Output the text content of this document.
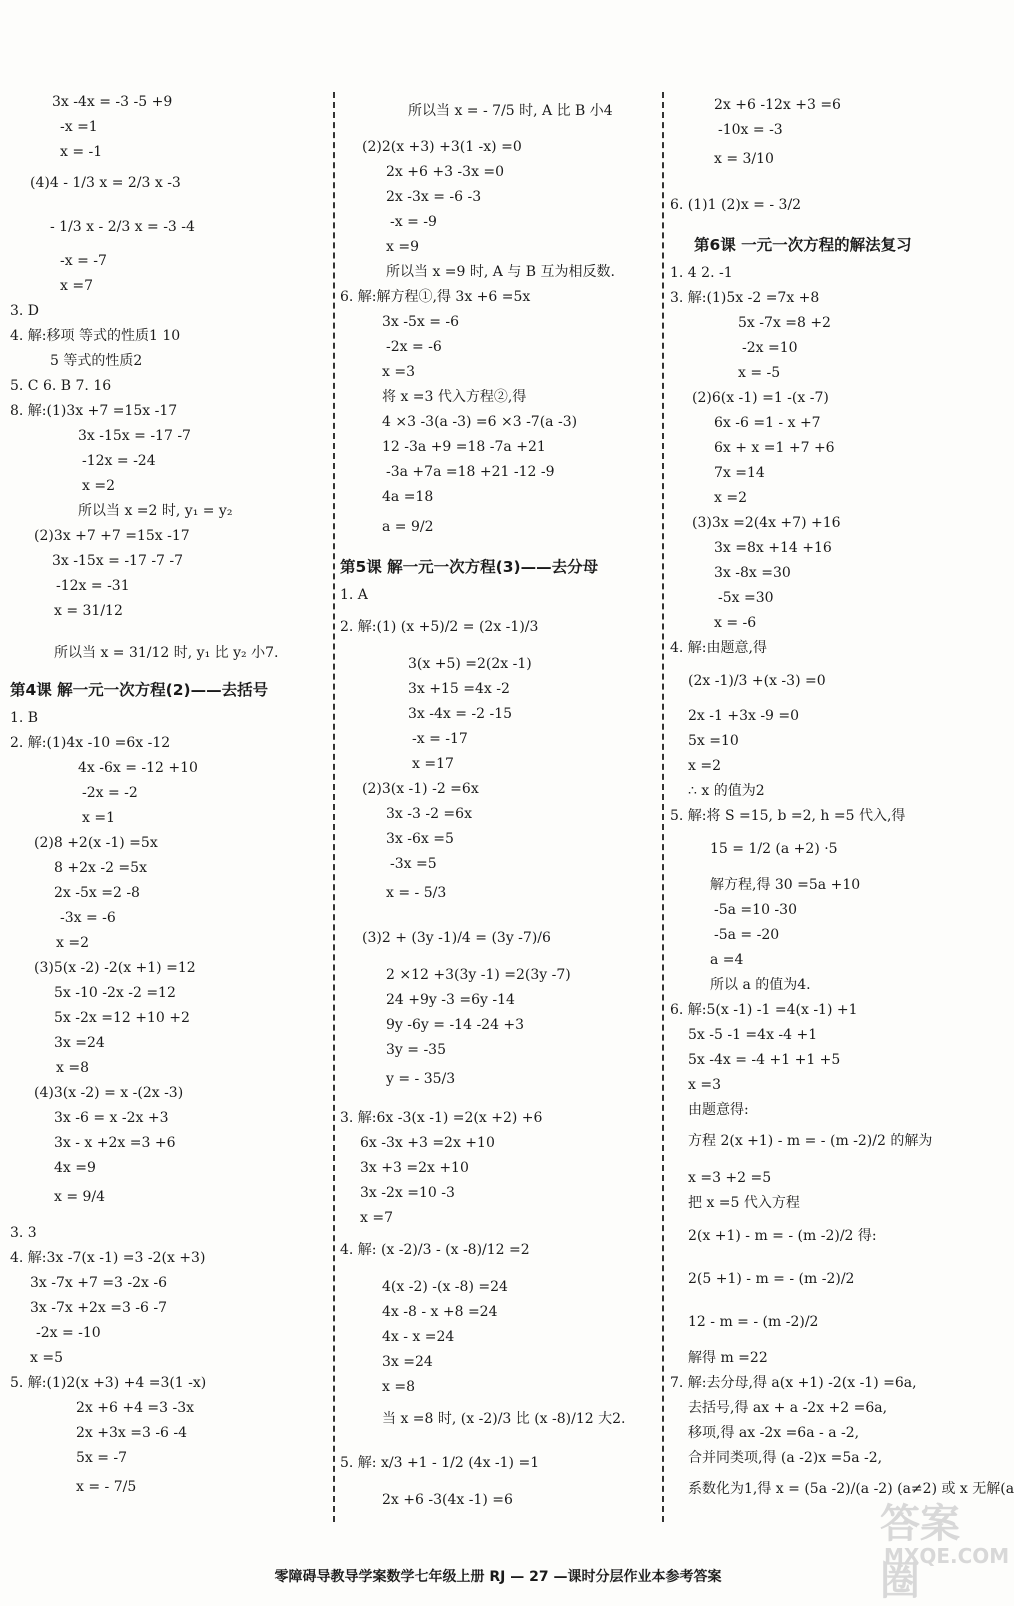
3x -4x = -3 -5 +9
-x =1
x = -1
(4)4 - 1/3 x = 2/3 x -3
- 1/3 x - 2/3 x = -3 -4
-x = -7
x =7
3. D
4. 解:移项 等式的性质1 10
5 等式的性质2
5. C 6. B 7. 16
8. 解:(1)3x +7 =15x -17
3x -15x = -17 -7
-12x = -24
x =2
所以当 x =2 时, y₁ = y₂
(2)3x +7 +7 =15x -17
3x -15x = -17 -7 -7
-12x = -31
x = 31/12
所以当 x = 31/12 时, y₁ 比 y₂ 小7.
第4课 解一元一次方程(2)——去括号
1. B
2. 解:(1)4x -10 =6x -12
4x -6x = -12 +10
-2x = -2
x =1
(2)8 +2(x -1) =5x
8 +2x -2 =5x
2x -5x =2 -8
-3x = -6
x =2
(3)5(x -2) -2(x +1) =12
5x -10 -2x -2 =12
5x -2x =12 +10 +2
3x =24
x =8
(4)3(x -2) = x -(2x -3)
3x -6 = x -2x +3
3x - x +2x =3 +6
4x =9
x = 9/4
3. 3
4. 解:3x -7(x -1) =3 -2(x +3)
3x -7x +7 =3 -2x -6
3x -7x +2x =3 -6 -7
-2x = -10
x =5
5. 解:(1)2(x +3) +4 =3(1 -x)
2x +6 +4 =3 -3x
2x +3x =3 -6 -4
5x = -7
x = - 7/5
所以当 x = - 7/5 时, A 比 B 小4
(2)2(x +3) +3(1 -x) =0
2x +6 +3 -3x =0
2x -3x = -6 -3
-x = -9
x =9
所以当 x =9 时, A 与 B 互为相反数.
6. 解:解方程①,得 3x +6 =5x
3x -5x = -6
-2x = -6
x =3
将 x =3 代入方程②,得
4 ×3 -3(a -3) =6 ×3 -7(a -3)
12 -3a +9 =18 -7a +21
-3a +7a =18 +21 -12 -9
4a =18
a = 9/2
第5课 解一元一次方程(3)——去分母
1. A
2. 解:(1) (x +5)/2 = (2x -1)/3
3(x +5) =2(2x -1)
3x +15 =4x -2
3x -4x = -2 -15
-x = -17
x =17
(2)3(x -1) -2 =6x
3x -3 -2 =6x
3x -6x =5
-3x =5
x = - 5/3
(3)2 + (3y -1)/4 = (3y -7)/6
2 ×12 +3(3y -1) =2(3y -7)
24 +9y -3 =6y -14
9y -6y = -14 -24 +3
3y = -35
y = - 35/3
3. 解:6x -3(x -1) =2(x +2) +6
6x -3x +3 =2x +10
3x +3 =2x +10
3x -2x =10 -3
x =7
4. 解: (x -2)/3 - (x -8)/12 =2
4(x -2) -(x -8) =24
4x -8 - x +8 =24
4x - x =24
3x =24
x =8
当 x =8 时, (x -2)/3 比 (x -8)/12 大2.
5. 解: x/3 +1 - 1/2 (4x -1) =1
2x +6 -3(4x -1) =6
2x +6 -12x +3 =6
-10x = -3
x = 3/10
6. (1)1 (2)x = - 3/2
第6课 一元一次方程的解法复习
1. 4 2. -1
3. 解:(1)5x -2 =7x +8
5x -7x =8 +2
-2x =10
x = -5
(2)6(x -1) =1 -(x -7)
6x -6 =1 - x +7
6x + x =1 +7 +6
7x =14
x =2
(3)3x =2(4x +7) +16
3x =8x +14 +16
3x -8x =30
-5x =30
x = -6
4. 解:由题意,得
(2x -1)/3 +(x -3) =0
2x -1 +3x -9 =0
5x =10
x =2
∴ x 的值为2
5. 解:将 S =15, b =2, h =5 代入,得
15 = 1/2 (a +2) ·5
解方程,得 30 =5a +10
-5a =10 -30
-5a = -20
a =4
所以 a 的值为4.
6. 解:5(x -1) -1 =4(x -1) +1
5x -5 -1 =4x -4 +1
5x -4x = -4 +1 +1 +5
x =3
由题意得:
方程 2(x +1) - m = - (m -2)/2 的解为
x =3 +2 =5
把 x =5 代入方程
2(x +1) - m = - (m -2)/2 得:
2(5 +1) - m = - (m -2)/2
12 - m = - (m -2)/2
解得 m =22
7. 解:去分母,得 a(x +1) -2(x -1) =6a,
去括号,得 ax + a -2x +2 =6a,
移项,得 ax -2x =6a - a -2,
合并同类项,得 (a -2)x =5a -2,
系数化为1,得 x = (5a -2)/(a -2) (a≠2) 或 x 无解(a
零障碍导教导学案数学七年级上册 RJ — 27 —课时分层作业本参考答案
答案圈
MXQE.COM
